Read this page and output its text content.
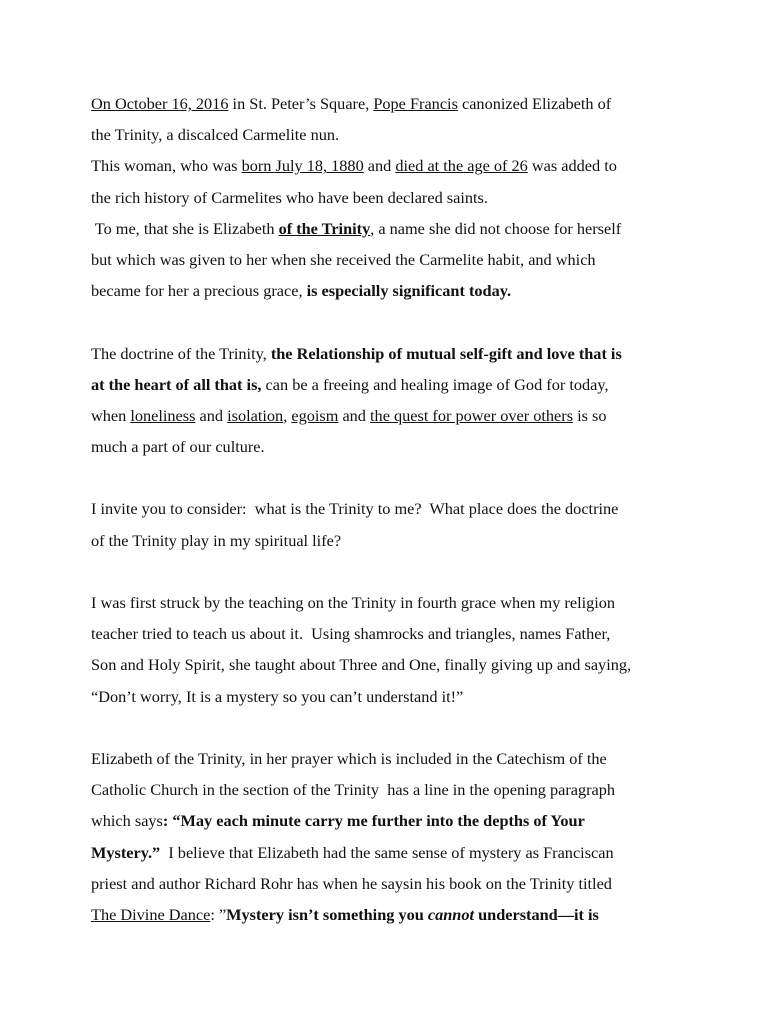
On October 16, 2016 in St. Peter’s Square, Pope Francis canonized Elizabeth of
the Trinity, a discalced Carmelite nun.
This woman, who was born July 18, 1880 and died at the age of 26 was added to
the rich history of Carmelites who have been declared saints.
To me, that she is Elizabeth of the Trinity, a name she did not choose for herself
but which was given to her when she received the Carmelite habit, and which
became for her a precious grace, is especially significant today.
The doctrine of the Trinity, the Relationship of mutual self-gift and love that is
at the heart of all that is, can be a freeing and healing image of God for today,
when loneliness and isolation, egoism and the quest for power over others is so
much a part of our culture.
I invite you to consider:  what is the Trinity to me?  What place does the doctrine
of the Trinity play in my spiritual life?
I was first struck by the teaching on the Trinity in fourth grace when my religion
teacher tried to teach us about it.  Using shamrocks and triangles, names Father,
Son and Holy Spirit, she taught about Three and One, finally giving up and saying,
“Don’t worry, It is a mystery so you can’t understand it!”
Elizabeth of the Trinity, in her prayer which is included in the Catechism of the
Catholic Church in the section of the Trinity  has a line in the opening paragraph
which says: “May each minute carry me further into the depths of Your
Mystery.”  I believe that Elizabeth had the same sense of mystery as Franciscan
priest and author Richard Rohr has when he saysin his book on the Trinity titled
The Divine Dance: ”Mystery isn’t something you cannot understand—it is
